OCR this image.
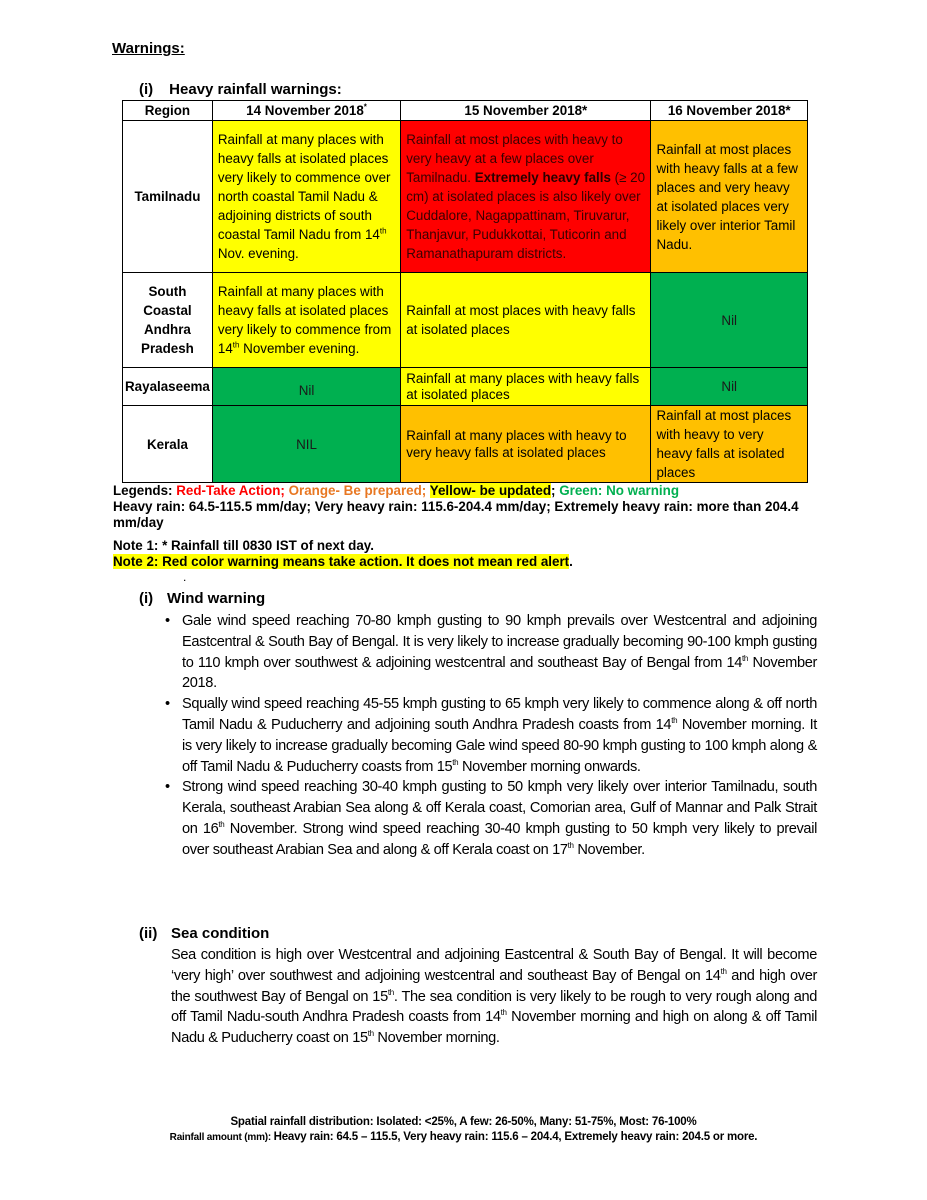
Warnings:
(i) Heavy rainfall warnings:
Region	14 November 2018*	15 November 2018*	16 November 2018*
Tamilnadu	Rainfall at many places with heavy falls at isolated places very likely to commence over north coastal Tamil Nadu & adjoining districts of south coastal Tamil Nadu from 14th Nov. evening.	Rainfall at most places with heavy to very heavy at a few places over Tamilnadu. Extremely heavy falls (≥ 20 cm) at isolated places is also likely over Cuddalore, Nagappattinam, Tiruvarur, Thanjavur, Pudukkottai, Tuticorin and Ramanathapuram districts.	Rainfall at most places with heavy falls at a few places and very heavy at isolated places very likely over interior Tamil Nadu.
South Coastal Andhra Pradesh	Rainfall at many places with heavy falls at isolated places very likely to commence from 14th November evening.	Rainfall at most places with heavy falls at isolated places	Nil
Rayalaseema	Nil	Rainfall at many places with heavy falls at isolated places	Nil
Kerala	NIL	Rainfall at many places with heavy to very heavy falls at isolated places	Rainfall at most places with heavy to very heavy falls at isolated places
Legends: Red-Take Action; Orange- Be prepared; Yellow- be updated; Green: No warning
Heavy rain: 64.5-115.5 mm/day; Very heavy rain: 115.6-204.4 mm/day; Extremely heavy rain: more than 204.4 mm/day
Note 1: * Rainfall till 0830 IST of next day.
Note 2: Red color warning means take action. It does not mean red alert.
.
(i) Wind warning
• Gale wind speed reaching 70-80 kmph gusting to 90 kmph prevails over Westcentral and adjoining Eastcentral & South Bay of Bengal. It is very likely to increase gradually becoming 90-100 kmph gusting to 110 kmph over southwest & adjoining westcentral and southeast Bay of Bengal from 14th November 2018.
• Squally wind speed reaching 45-55 kmph gusting to 65 kmph very likely to commence along & off north Tamil Nadu & Puducherry and adjoining south Andhra Pradesh coasts from 14th November morning. It is very likely to increase gradually becoming Gale wind speed 80-90 kmph gusting to 100 kmph along & off Tamil Nadu & Puducherry coasts from 15th November morning onwards.
• Strong wind speed reaching 30-40 kmph gusting to 50 kmph very likely over interior Tamilnadu, south Kerala, southeast Arabian Sea along & off Kerala coast, Comorian area, Gulf of Mannar and Palk Strait on 16th November. Strong wind speed reaching 30-40 kmph gusting to 50 kmph very likely to prevail over southeast Arabian Sea and along & off Kerala coast on 17th November.
(ii) Sea condition
Sea condition is high over Westcentral and adjoining Eastcentral & South Bay of Bengal. It will become ‘very high’ over southwest and adjoining westcentral and southeast Bay of Bengal on 14th and high over the southwest Bay of Bengal on 15th. The sea condition is very likely to be rough to very rough along and off Tamil Nadu-south Andhra Pradesh coasts from 14th November morning and high on along & off Tamil Nadu & Puducherry coast on 15th November morning.
Spatial rainfall distribution: Isolated: <25%, A few: 26-50%, Many: 51-75%, Most: 76-100%
Rainfall amount (mm): Heavy rain: 64.5 – 115.5, Very heavy rain: 115.6 – 204.4, Extremely heavy rain: 204.5 or more.
